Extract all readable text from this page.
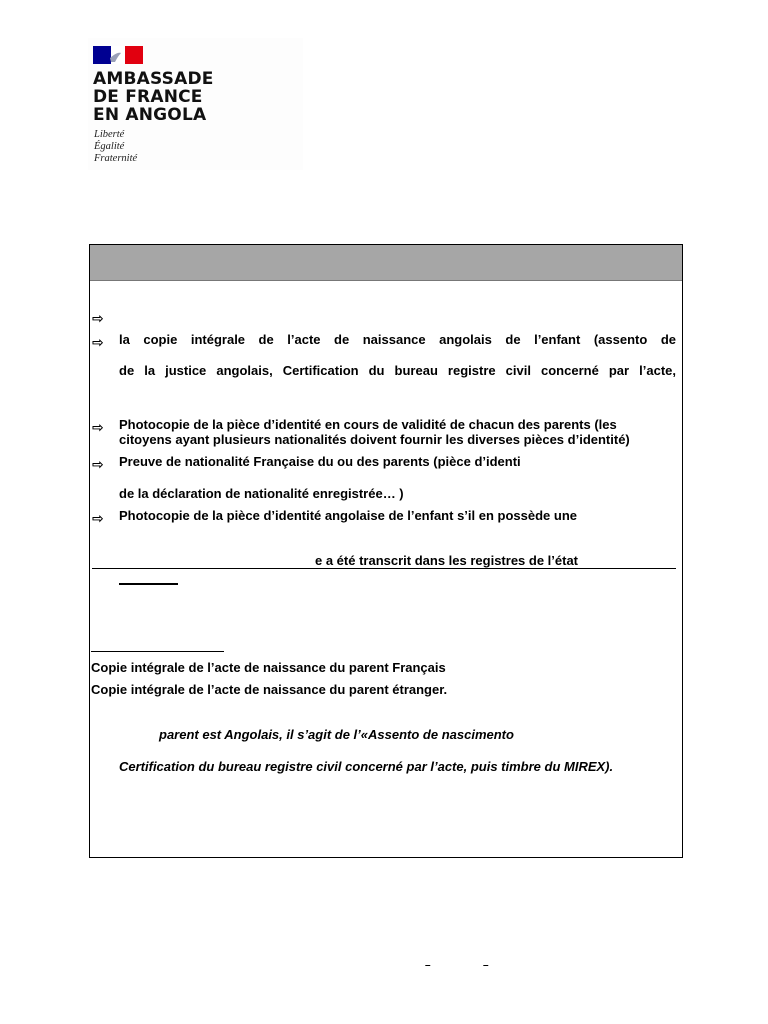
AMBASSADE
DE FRANCE
EN ANGOLA
Liberté
Égalité
Fraternité
⇨
⇨ la copie intégrale de l’acte de naissance angolais de l’enfant (assento de
de la justice angolais, Certification du bureau registre civil concerné par l’acte,
⇨ Photocopie de la pièce d’identité en cours de validité de chacun des parents (les
citoyens ayant plusieurs nationalités doivent fournir les diverses pièces d’identité)
⇨ Preuve de nationalité Française du ou des parents (pièce d’identi
de la déclaration de nationalité enregistrée… )
⇨ Photocopie de la pièce d’identité angolaise de l’enfant s’il en possède une
e a été transcrit dans les registres de l’état
Copie intégrale de l’acte de naissance du parent Français
Copie intégrale de l’acte de naissance du parent étranger.
parent est Angolais, il s’agit de l’«Assento de nascimento
Certification du bureau registre civil concerné par l’acte, puis timbre du MIREX).
–	–
